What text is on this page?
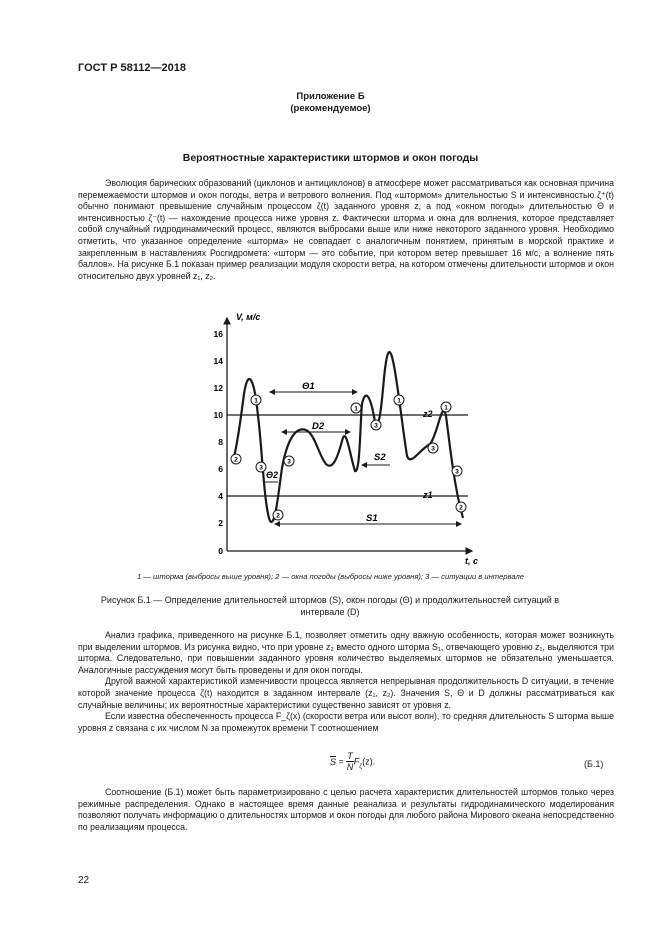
ГОСТ Р 58112—2018
Приложение Б
(рекомендуемое)
Вероятностные характеристики штормов и окон погоды

Эволюция барических образований (циклонов и антициклонов) в атмосфере может рассматриваться как основная причина перемежаемости штормов и окон погоды, ветра и ветрового волнения. Под «штормом» длительностью S и интенсивностью ζ⁺(t) обычно понимают превышение случайным процессом ζ(t) заданного уровня z, а под «окном погоды» длительностью Θ и интенсивностью ζ⁻(t) — нахождение процесса ниже уровня z. Фактически шторма и окна для волнения, которое представляет собой случайный гидродинамический процесс, являются выбросами выше или ниже некоторого заданного уровня. Необходимо отметить, что указанное определение «шторма» не совпадает с аналогичным понятием, принятым в морской практике и закрепленным в наставлениях Росгидромета: «шторм — это событие, при котором ветер превышает 16 м/с, а волнение пять баллов». На рисунке Б.1 показан пример реализации модуля скорости ветра, на котором отмечены длительности штормов и окон относительно двух уровней z₁, z₂.

V, м/с
t, c
0
2
4
6
8
10
12
14
16
z2
z1
Θ1
D2
Θ2
S2
S1
2
1
3
2
3
1
3
1
3
1
3
2
1 — шторма (выбросы выше уровня); 2 — окна погоды (выбросы ниже уровня); 3 — ситуации в интервале
Рисунок Б.1 — Определение длительностей штормов (S), окон погоды (Θ) и продолжительностей ситуаций в интервале (D)

Анализ графика, приведенного на рисунке Б.1, позволяет отметить одну важную особенность, которая может возникнуть при выделении штормов. Из рисунка видно, что при уровне z₂ вместо одного шторма S₁, отвечающего уровню z₁, выделяются три шторма. Следовательно, при повышении заданного уровня количество выделяемых штормов не обязательно уменьшается. Аналогичные рассуждения могут быть проведены и для окон погоды.

Другой важной характеристикой изменчивости процесса является непрерывная продолжительность D ситуации, в течение которой значение процесса ζ(t) находится в заданном интервале (z₁, z₂). Значения S, Θ и D должны рассматриваться как случайные величины; их вероятностные характеристики существенно зависят от уровня z.

Если известна обеспеченность процесса F_ζ(x) (скорости ветра или высот волн), то средняя длительность S шторма выше уровня z связана с их числом N за промежуток времени T соотношением

$\overline{S} = \frac{T}{N} F_\zeta(z)$.	(Б.1)

Соотношение (Б.1) может быть параметризировано с целью расчета характеристик длительностей штормов только через режимные распределения. Однако в настоящее время данные реанализа и результаты гидродинамического моделирования позволяют получать информацию о длительностях штормов и окон погоды для любого района Мирового океана непосредственно по реализациям процесса.

22
